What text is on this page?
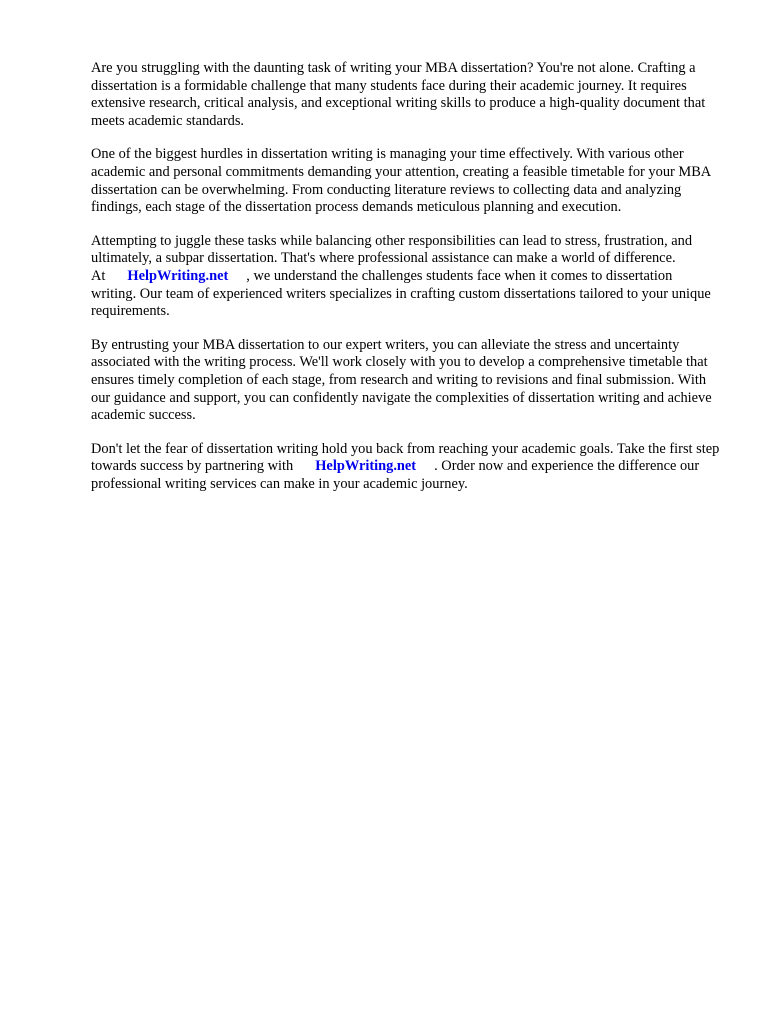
Are you struggling with the daunting task of writing your MBA dissertation? You're not alone. Crafting a dissertation is a formidable challenge that many students face during their academic journey. It requires extensive research, critical analysis, and exceptional writing skills to produce a high-quality document that meets academic standards.

One of the biggest hurdles in dissertation writing is managing your time effectively. With various other academic and personal commitments demanding your attention, creating a feasible timetable for your MBA dissertation can be overwhelming. From conducting literature reviews to collecting data and analyzing findings, each stage of the dissertation process demands meticulous planning and execution.

Attempting to juggle these tasks while balancing other responsibilities can lead to stress, frustration, and ultimately, a subpar dissertation. That's where professional assistance can make a world of difference. At HelpWriting.net , we understand the challenges students face when it comes to dissertation writing. Our team of experienced writers specializes in crafting custom dissertations tailored to your unique requirements.

By entrusting your MBA dissertation to our expert writers, you can alleviate the stress and uncertainty associated with the writing process. We'll work closely with you to develop a comprehensive timetable that ensures timely completion of each stage, from research and writing to revisions and final submission. With our guidance and support, you can confidently navigate the complexities of dissertation writing and achieve academic success.

Don't let the fear of dissertation writing hold you back from reaching your academic goals. Take the first step towards success by partnering with HelpWriting.net . Order now and experience the difference our professional writing services can make in your academic journey.
